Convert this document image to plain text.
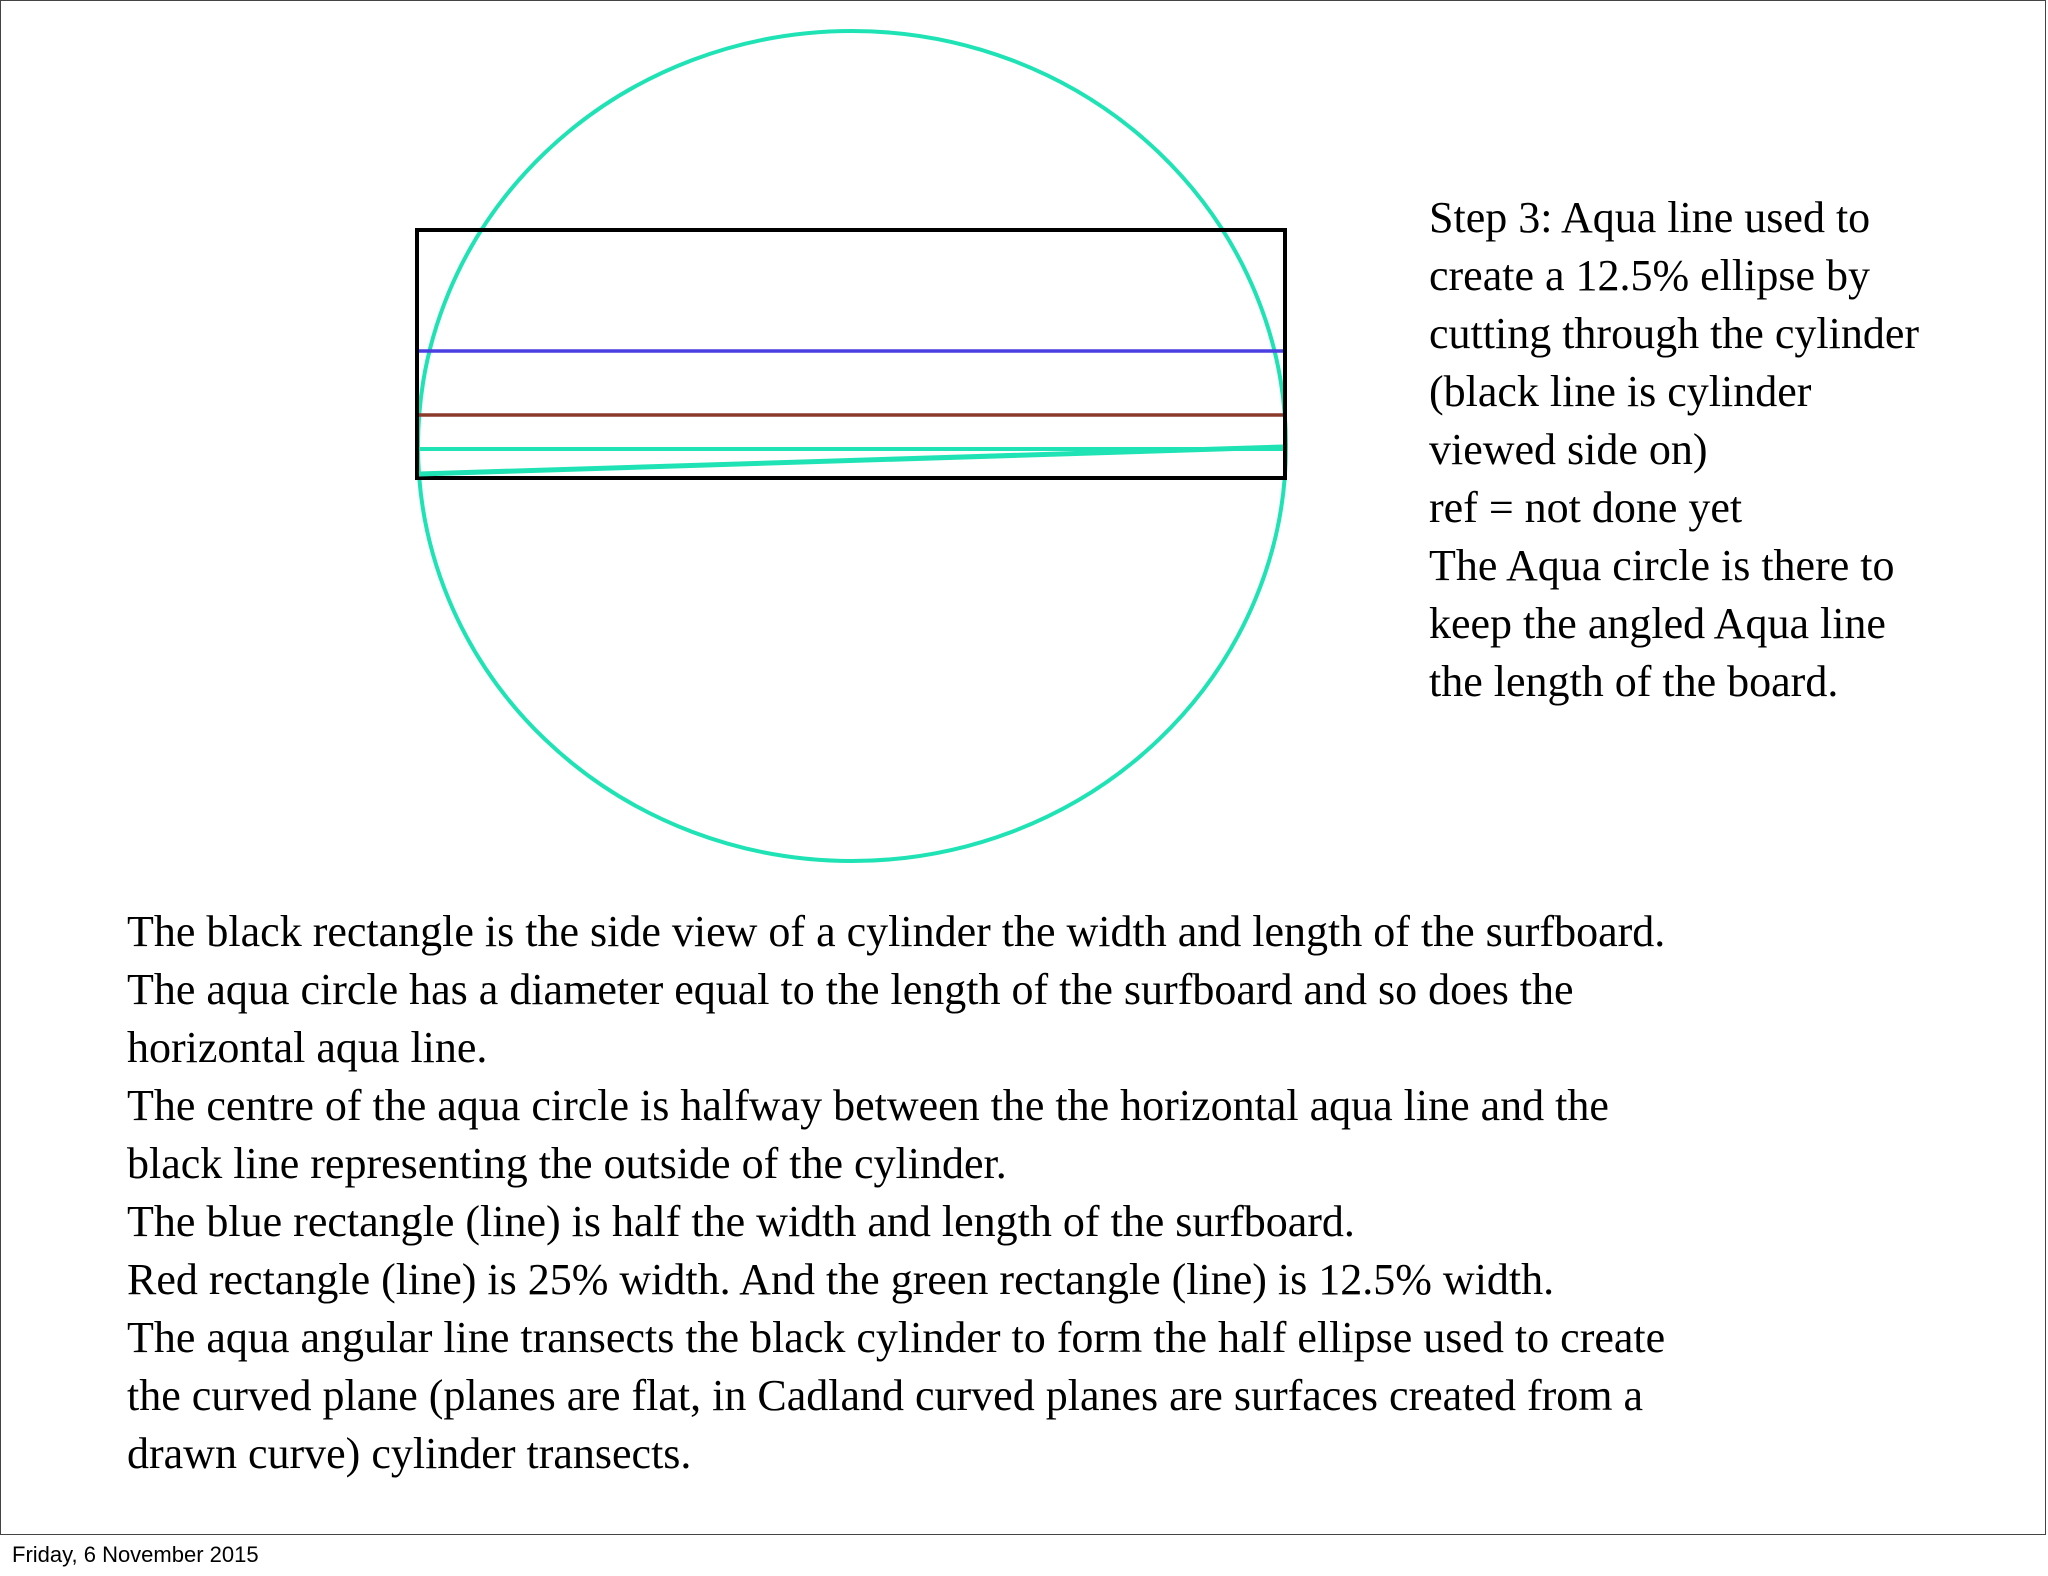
Step 3: Aqua line used to
create a 12.5% ellipse by
cutting through the cylinder
(black line is cylinder
viewed side on)
ref = not done yet
The Aqua circle is there to
keep the angled Aqua line
the length of the board.
The black rectangle is the side view of a cylinder the width and length of the surfboard.
The aqua circle has a diameter equal to the length of the surfboard and so does the
horizontal aqua line.
The centre of the aqua circle is halfway between the the horizontal aqua line and the
black line representing the outside of the cylinder.
The blue rectangle (line) is half the width and length of the surfboard.
Red rectangle (line) is 25% width. And the green rectangle (line) is 12.5% width.
The aqua angular line transects the black cylinder to form the half ellipse used to create
the curved plane (planes are flat, in Cadland curved planes are surfaces created from a
drawn curve) cylinder transects.
Friday, 6 November 2015
